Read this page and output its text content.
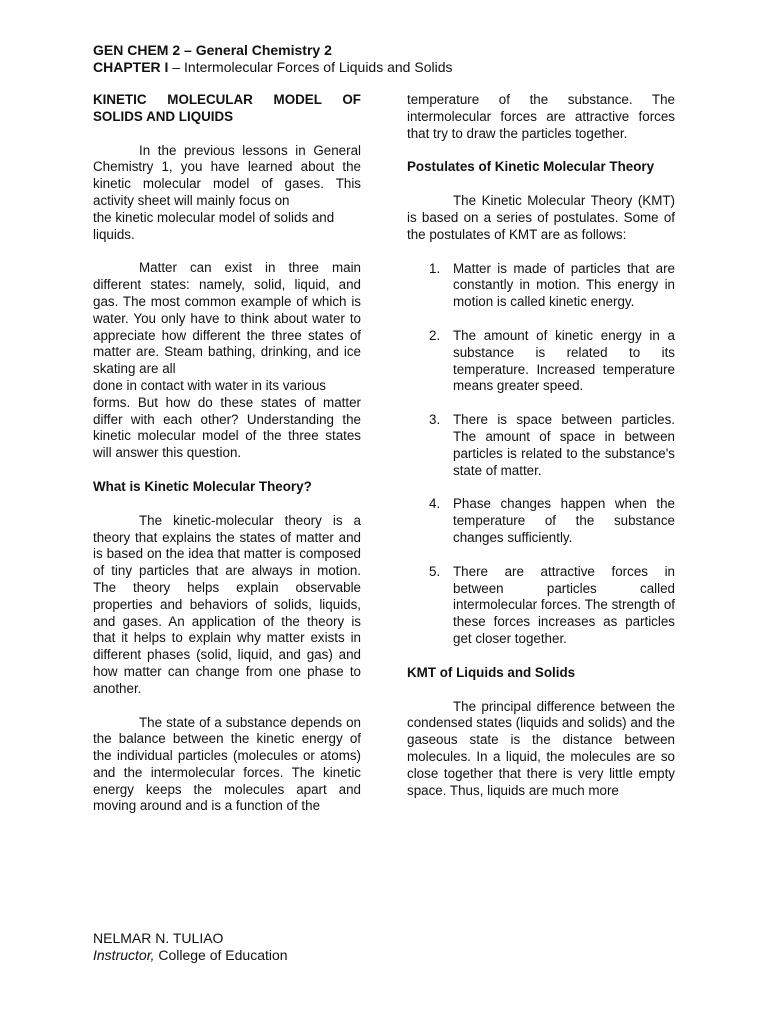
GEN CHEM 2 – General Chemistry 2
CHAPTER I – Intermolecular Forces of Liquids and Solids
KINETIC MOLECULAR MODEL OF SOLIDS AND LIQUIDS
In the previous lessons in General Chemistry 1, you have learned about the kinetic molecular model of gases. This activity sheet will mainly focus on
the kinetic molecular model of solids and liquids.
Matter can exist in three main different states: namely, solid, liquid, and gas. The most common example of which is water. You only have to think about water to appreciate how different the three states of matter are. Steam bathing, drinking, and ice skating are all
done in contact with water in its various
forms. But how do these states of matter differ with each other? Understanding the kinetic molecular model of the three states will answer this question.
What is Kinetic Molecular Theory?
The kinetic-molecular theory is a theory that explains the states of matter and is based on the idea that matter is composed of tiny particles that are always in motion. The theory helps explain observable properties and behaviors of solids, liquids, and gases. An application of the theory is that it helps to explain why matter exists in different phases (solid, liquid, and gas) and how matter can change from one phase to another.
The state of a substance depends on the balance between the kinetic energy of the individual particles (molecules or atoms) and the intermolecular forces. The kinetic energy keeps the molecules apart and moving around and is a function of the
temperature of the substance. The intermolecular forces are attractive forces that try to draw the particles together.
Postulates of Kinetic Molecular Theory
The Kinetic Molecular Theory (KMT) is based on a series of postulates. Some of the postulates of KMT are as follows:
1. Matter is made of particles that are constantly in motion. This energy in motion is called kinetic energy.
2. The amount of kinetic energy in a substance is related to its temperature. Increased temperature means greater speed.
3. There is space between particles. The amount of space in between particles is related to the substance's state of matter.
4. Phase changes happen when the temperature of the substance changes sufficiently.
5. There are attractive forces in between particles called intermolecular forces. The strength of these forces increases as particles get closer together.
KMT of Liquids and Solids
The principal difference between the condensed states (liquids and solids) and the gaseous state is the distance between molecules. In a liquid, the molecules are so close together that there is very little empty space. Thus, liquids are much more
NELMAR N. TULIAO
Instructor, College of Education
